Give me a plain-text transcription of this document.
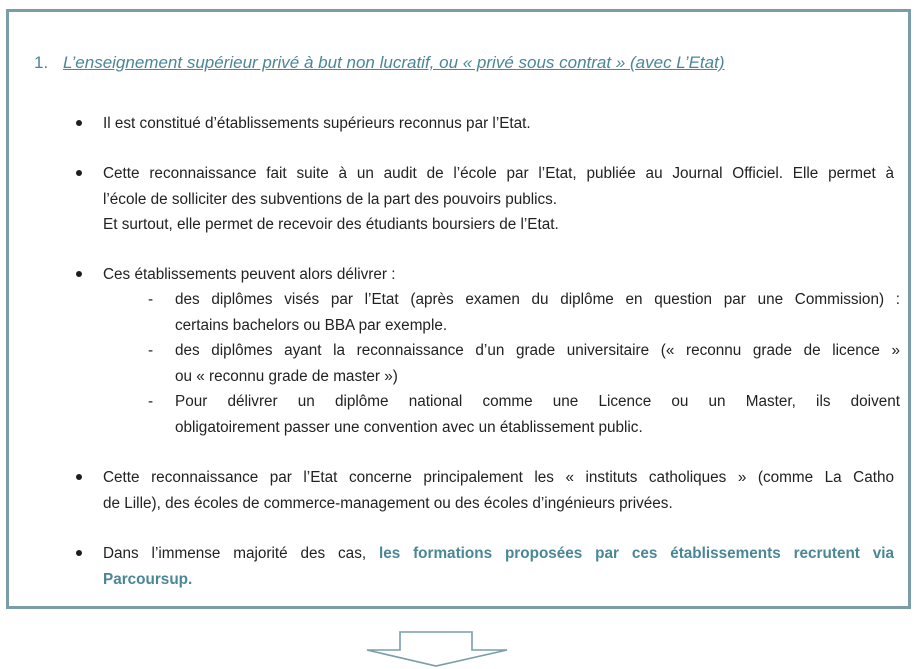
1. L’enseignement supérieur privé à but non lucratif, ou « privé sous contrat » (avec L’Etat)
Il est constitué d’établissements supérieurs reconnus par l’Etat.
Cette reconnaissance fait suite à un audit de l’école par l’Etat, publiée au Journal Officiel. Elle permet à
l’école de solliciter des subventions de la part des pouvoirs publics.
Et surtout, elle permet de recevoir des étudiants boursiers de l’Etat.
Ces établissements peuvent alors délivrer :
- des diplômes visés par l’Etat (après examen du diplôme en question par une Commission) :
certains bachelors ou BBA par exemple.
- des diplômes ayant la reconnaissance d’un grade universitaire (« reconnu grade de licence »
ou « reconnu grade de master »)
- Pour délivrer un diplôme national comme une Licence ou un Master, ils doivent
obligatoirement passer une convention avec un établissement public.
Cette reconnaissance par l’Etat concerne principalement les « instituts catholiques » (comme La Catho
de Lille), des écoles de commerce-management ou des écoles d’ingénieurs privées.
Dans l’immense majorité des cas, les formations proposées par ces établissements recrutent via
Parcoursup.
